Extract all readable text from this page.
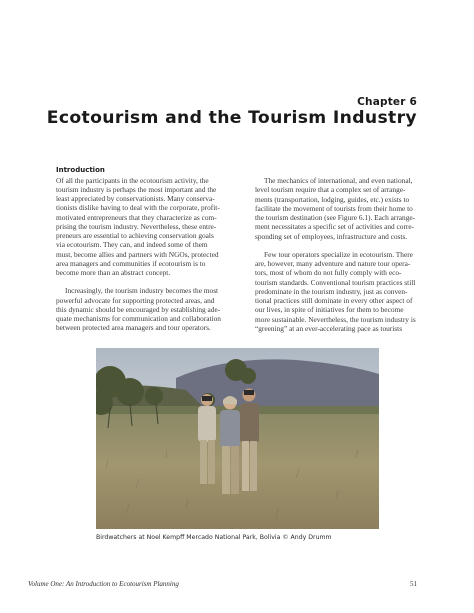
Chapter 6
Ecotourism and the Tourism Industry
Introduction

Of all the participants in the ecotourism activity, the

tourism industry is perhaps the most important and the

least appreciated by conservationists. Many conserva-

tionists dislike having to deal with the corporate, profit-

motivated entrepreneurs that they characterize as com-

prising the tourism industry. Nevertheless, these entre-

preneurs are essential to achieving conservation goals

via ecotourism. They can, and indeed some of them

must, become allies and partners with NGOs, protected

area managers and communities if ecotourism is to

become more than an abstract concept.

Increasingly, the tourism industry becomes the most

powerful advocate for supporting protected areas, and

this dynamic should be encouraged by establishing ade-

quate mechanisms for communication and collaboration

between protected area managers and tour operators.

The mechanics of international, and even national,

level tourism require that a complex set of arrange-

ments (transportation, lodging, guides, etc.) exists to

facilitate the movement of tourists from their home to

the tourism destination (see Figure 6.1). Each arrange-

ment necessitates a specific set of activities and corre-

sponding set of employees, infrastructure and costs.

Few tour operators specialize in ecotourism. There

are, however, many adventure and nature tour opera-

tors, most of whom do not fully comply with eco-

tourism standards. Conventional tourism practices still

predominate in the tourism industry, just as conven-

tional practices still dominate in every other aspect of

our lives, in spite of initiatives for them to become

more sustainable. Nevertheless, the tourism industry is

“greening” at an ever-accelerating pace as tourists

Birdwatchers at Noel Kempff Mercado National Park, Bolivia © Andy Drumm
Volume One: An Introduction to Ecotourism Planning	51
